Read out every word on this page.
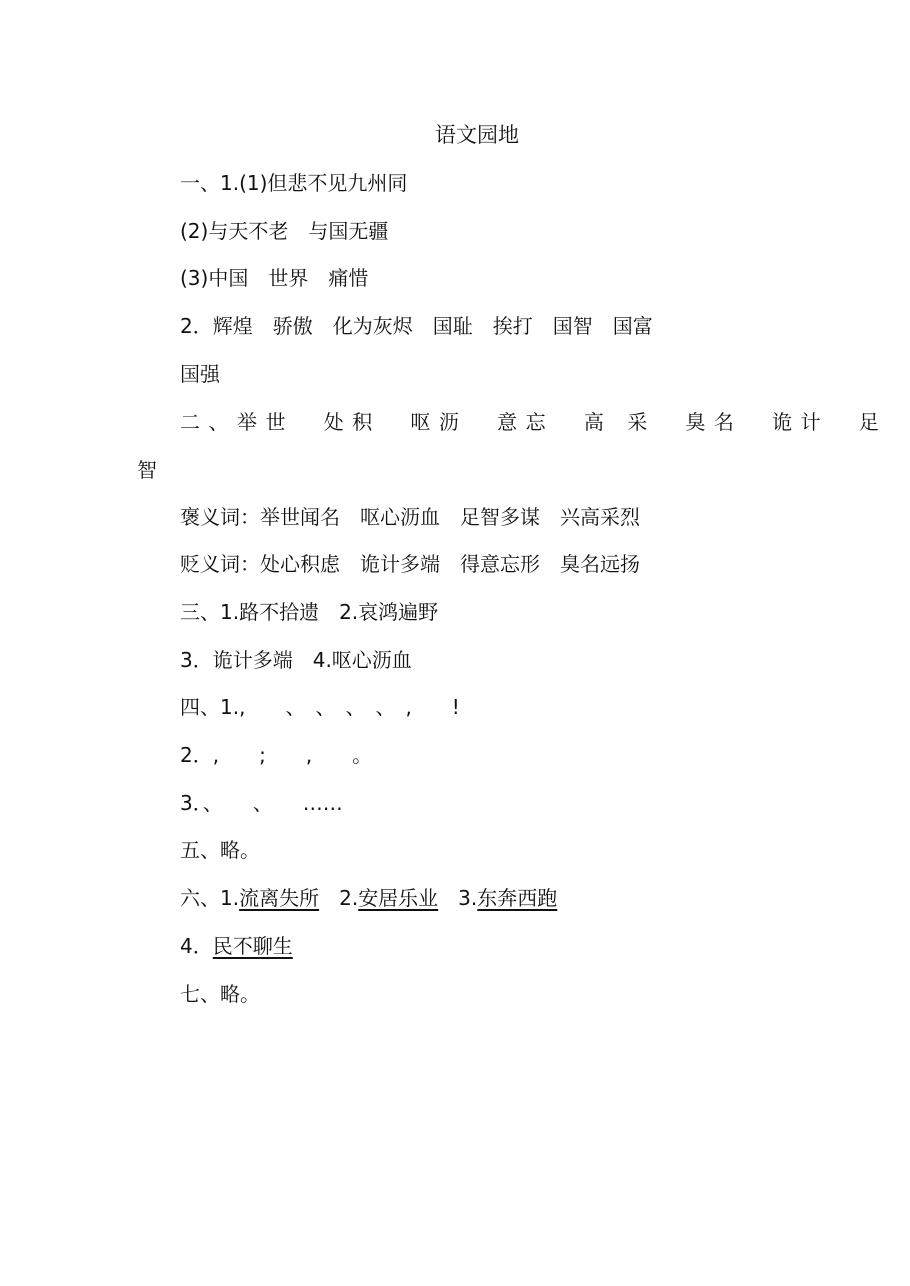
语文园地
一、1.(1)但悲不见九州同
(2)与天不老　与国无疆
(3)中国　世界　痛惜
2．辉煌　骄傲　化为灰烬　国耻　挨打　国智　国富
国强
二、举世  处积  呕沥  意忘  高 采  臭名  诡计  足
智
褒义词：举世闻名　呕心沥血　足智多谋　兴高采烈
贬义词：处心积虑　诡计多端　得意忘形　臭名远扬
三、1.路不拾遗　2.哀鸿遍野
3．诡计多端　4.呕心沥血
四、1.,　　、　、　、　、　,　　!
2．,　　;　　,　　。
3．、　　、　　……
五、略。
六、1.流离失所　2.安居乐业　3.东奔西跑
4．民不聊生
七、略。
